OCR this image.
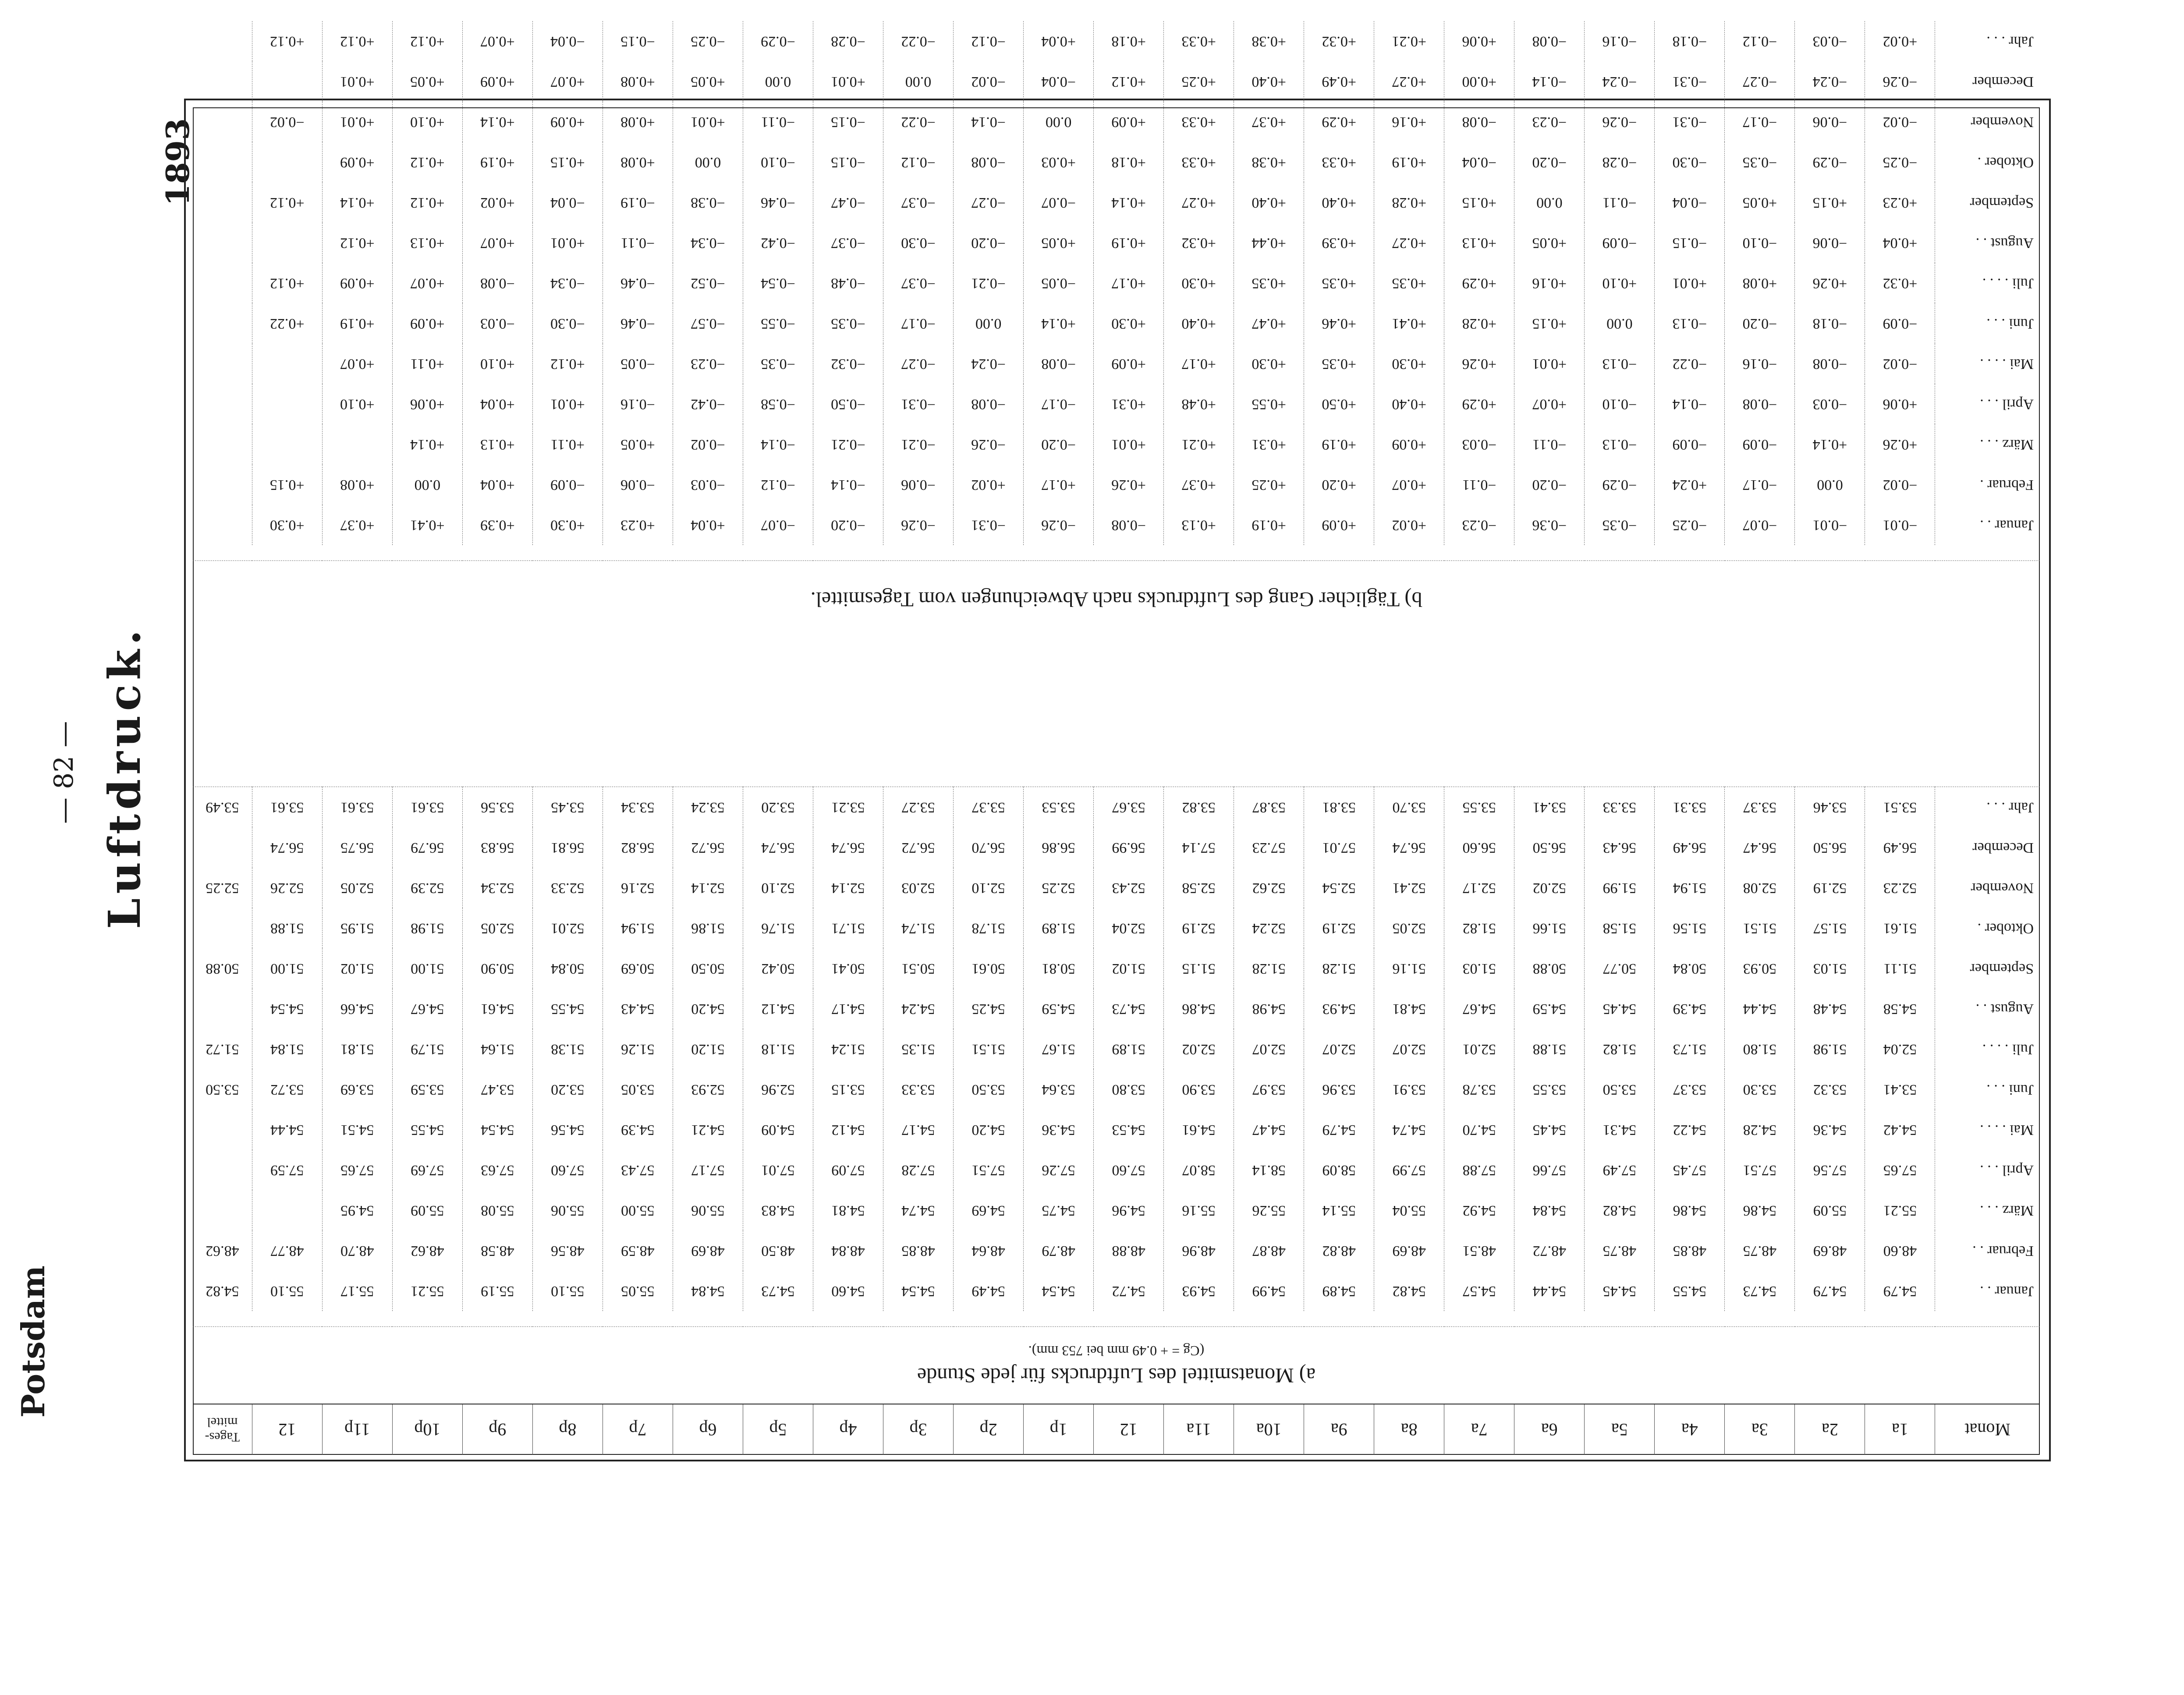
Potsdam
Luftdruck.
— 82 —
1893
Monat	1a	2a	3a	4a	5a	6a	7a	8a	9a	10a	11a	12	1p	2p	3p	4p	5p	6p	7p	8p	9p	10p	11p	12	Tages-mittel
a) Monatsmittel des Luftdrucks für jede Stunde
(Cg = + 0.49 mm bei 753 mm).																									

Januar . .	54.79	54.79	54.73	54.55	54.45	54.44	54.57	54.82	54.89	54.99	54.93	54.72	54.54	54.49	54.54	54.60	54.73	54.84	55.05	55.10	55.19	55.21	55.17	55.10	54.82
Februar . .	48.60	48.69	48.75	48.85	48.75	48.72	48.51	48.69	48.82	48.87	48.96	48.88	48.79	48.64	48.85	48.84	48.50	48.69	48.59	48.56	48.58	48.62	48.70	48.77	48.62
März . . .	55.21	55.09	54.86	54.86	54.82	54.84	54.92	55.04	55.14	55.26	55.16	54.96	54.75	54.69	54.74	54.81	54.83	55.06	55.00	55.06	55.08	55.09	54.95		
April . . .	57.65	57.56	57.51	57.45	57.49	57.66	57.88	57.99	58.09	58.14	58.07	57.60	57.26	57.51	57.28	57.09	57.01	57.17	57.43	57.60	57.63	57.69	57.65	57.59	
Mai . . . .	54.42	54.36	54.28	54.22	54.31	54.45	54.70	54.74	54.79	54.47	54.61	54.53	54.36	54.20	54.17	54.12	54.09	54.21	54.39	54.56	54.54	54.55	54.51	54.44	
Juni . . .	53.41	53.32	53.30	53.37	53.50	53.55	53.78	53.91	53.96	53.97	53.90	53.80	53.64	53.50	53.33	53.15	52.96	52.93	53.05	53.20	53.47	53.59	53.69	53.72	53.50
Juli . . . .	52.04	51.98	51.80	51.73	51.82	51.88	52.01	52.07	52.07	52.07	52.02	51.89	51.67	51.51	51.35	51.24	51.18	51.20	51.26	51.38	51.64	51.79	51.81	51.84	51.72
August . .	54.58	54.48	54.44	54.39	54.45	54.59	54.67	54.81	54.93	54.98	54.86	54.73	54.59	54.25	54.24	54.17	54.12	54.20	54.43	54.55	54.61	54.67	54.66	54.54	
September	51.11	51.03	50.93	50.84	50.77	50.88	51.03	51.16	51.28	51.28	51.15	51.02	50.81	50.61	50.51	50.41	50.42	50.50	50.69	50.84	50.90	51.00	51.02	51.00	50.88
Oktober .	51.61	51.57	51.51	51.56	51.58	51.66	51.82	52.05	52.19	52.24	52.19	52.04	51.89	51.78	51.74	51.71	51.76	51.86	51.94	52.01	52.05	51.98	51.95	51.88	
November	52.23	52.19	52.08	51.94	51.99	52.02	52.17	52.41	52.54	52.62	52.58	52.43	52.25	52.10	52.03	52.14	52.10	52.14	52.16	52.33	52.34	52.39	52.05	52.26	52.25
December	56.49	56.50	56.47	56.49	56.43	56.50	56.60	56.74	57.01	57.23	57.14	56.99	56.86	56.70	56.72	56.74	56.74	56.72	56.82	56.81	56.83	56.79	56.75	56.74	
Jahr . . .	53.51	53.46	53.37	53.31	53.33	53.41	53.55	53.70	53.81	53.87	53.82	53.67	53.53	53.37	53.27	53.21	53.20	53.24	53.34	53.45	53.56	53.61	53.61	53.61	53.49

b) Täglicher Gang des Luftdrucks nach Abweichungen vom Tagesmittel.																									

Januar . .	−0.01	−0.01	−0.07	−0.25	−0.35	−0.36	−0.23	+0.02	+0.09	+0.19	+0.13	−0.08	−0.26	−0.31	−0.26	−0.20	−0.07	+0.04	+0.23	+0.30	+0.39	+0.41	+0.37	+0.30	
Februar .	−0.02	0.00	−0.17	+0.24	−0.29	−0.20	−0.11	+0.07	+0.20	+0.25	+0.37	+0.26	+0.17	+0.02	−0.06	−0.14	−0.12	−0.03	−0.06	−0.09	+0.04	0.00	+0.08	+0.15	
März . . .	+0.26	+0.14	−0.09	−0.09	−0.13	−0.11	−0.03	+0.09	+0.19	+0.31	+0.21	+0.01	−0.20	−0.26	−0.21	−0.21	−0.14	−0.02	+0.05	+0.11	+0.13	+0.14			
April . . .	+0.06	−0.03	−0.08	−0.14	−0.10	+0.07	+0.29	+0.40	+0.50	+0.55	+0.48	+0.31	−0.17	−0.08	−0.31	−0.50	−0.58	−0.42	−0.16	+0.01	+0.04	+0.06	+0.10		
Mai . . . .	−0.02	−0.08	−0.16	−0.22	−0.13	+0.01	+0.26	+0.30	+0.35	+0.30	+0.17	+0.09	−0.08	−0.24	−0.27	−0.32	−0.35	−0.23	−0.05	+0.12	+0.10	+0.11	+0.07		
Juni . . .	−0.09	−0.18	−0.20	−0.13	0.00	+0.15	+0.28	+0.41	+0.46	+0.47	+0.40	+0.30	+0.14	0.00	−0.17	−0.35	−0.55	−0.57	−0.46	−0.30	−0.03	+0.09	+0.19	+0.22	
Juli . . . .	+0.32	+0.26	+0.08	+0.01	+0.10	+0.16	+0.29	+0.35	+0.35	+0.35	+0.30	+0.17	−0.05	−0.21	−0.37	−0.48	−0.54	−0.52	−0.46	−0.34	−0.08	+0.07	+0.09	+0.12	
August . .	+0.04	−0.06	−0.10	−0.15	−0.09	+0.05	+0.13	+0.27	+0.39	+0.44	+0.32	+0.19	+0.05	−0.20	−0.30	−0.37	−0.42	−0.34	−0.11	+0.01	+0.07	+0.13	+0.12		
September	+0.23	+0.15	+0.05	−0.04	−0.11	0.00	+0.15	+0.28	+0.40	+0.40	+0.27	+0.14	−0.07	−0.27	−0.37	−0.47	−0.46	−0.38	−0.19	−0.04	+0.02	+0.12	+0.14	+0.12	
Oktober .	−0.25	−0.29	−0.35	−0.30	−0.28	−0.20	−0.04	+0.19	+0.33	+0.38	+0.33	+0.18	+0.03	−0.08	−0.12	−0.15	−0.10	0.00	+0.08	+0.15	+0.19	+0.12	+0.09		
November	−0.02	−0.06	−0.17	−0.31	−0.26	−0.23	−0.08	+0.16	+0.29	+0.37	+0.33	+0.09	0.00	−0.14	−0.22	−0.15	−0.11	+0.01	+0.08	+0.09	+0.14	+0.10	+0.01	−0.02	
December	−0.26	−0.24	−0.27	−0.31	−0.24	−0.14	+0.00	+0.27	+0.49	+0.40	+0.25	+0.12	−0.04	−0.02	0.00	+0.01	0.00	+0.05	+0.08	+0.07	+0.09	+0.05	+0.01		
Jahr . . .	+0.02	−0.03	−0.12	−0.18	−0.16	−0.08	+0.06	+0.21	+0.32	+0.38	+0.33	+0.18	+0.04	−0.12	−0.22	−0.28	−0.29	−0.25	−0.15	−0.04	+0.07	+0.12	+0.12	+0.12	
